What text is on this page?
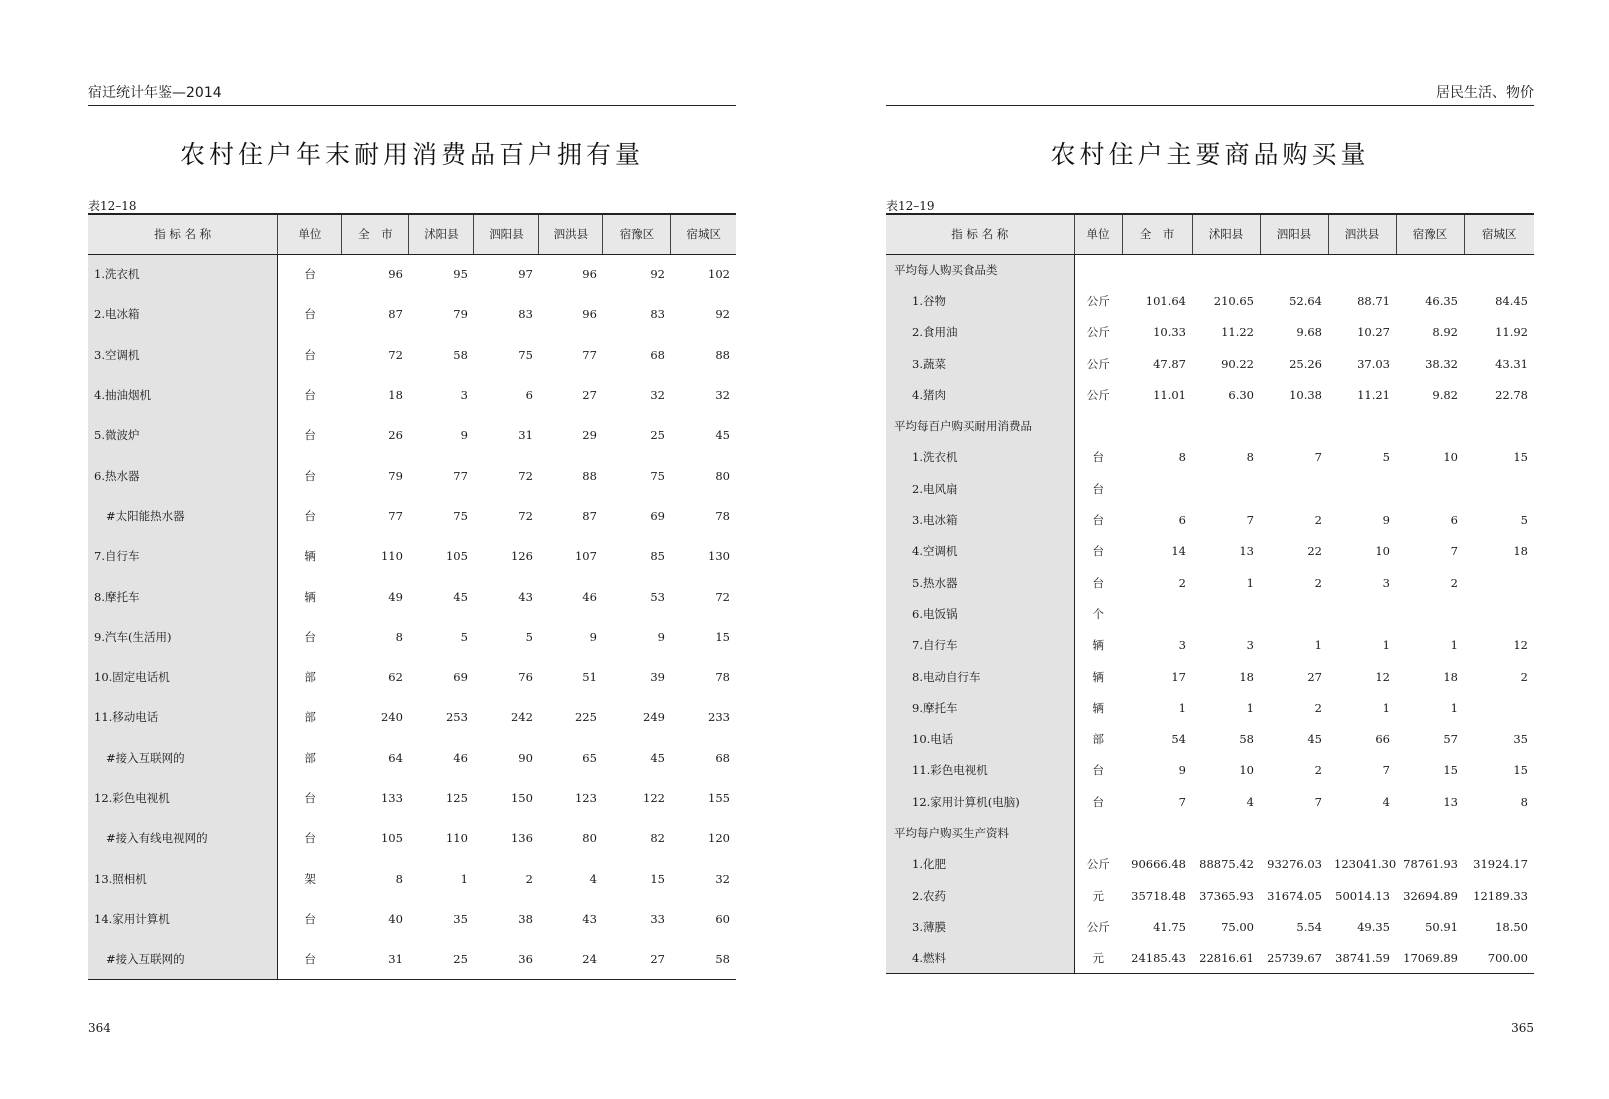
宿迁统计年鉴—2014
农村住户年末耐用消费品百户拥有量
表12–18
指 标 名 称	单位	全　市	沭阳县	泗阳县	泗洪县	宿豫区	宿城区
1.洗衣机	台	96	95	97	96	92	102
2.电冰箱	台	87	79	83	96	83	92
3.空调机	台	72	58	75	77	68	88
4.抽油烟机	台	18	3	6	27	32	32
5.微波炉	台	26	9	31	29	25	45
6.热水器	台	79	77	72	88	75	80
#太阳能热水器	台	77	75	72	87	69	78
7.自行车	辆	110	105	126	107	85	130
8.摩托车	辆	49	45	43	46	53	72
9.汽车(生活用)	台	8	5	5	9	9	15
10.固定电话机	部	62	69	76	51	39	78
11.移动电话	部	240	253	242	225	249	233
#接入互联网的	部	64	46	90	65	45	68
12.彩色电视机	台	133	125	150	123	122	155
#接入有线电视网的	台	105	110	136	80	82	120
13.照相机	架	8	1	2	4	15	32
14.家用计算机	台	40	35	38	43	33	60
#接入互联网的	台	31	25	36	24	27	58
364
居民生活、物价
农村住户主要商品购买量
表12–19
指 标 名 称	单位	全　市	沭阳县	泗阳县	泗洪县	宿豫区	宿城区
平均每人购买食品类							
1.谷物	公斤	101.64	210.65	52.64	88.71	46.35	84.45
2.食用油	公斤	10.33	11.22	9.68	10.27	8.92	11.92
3.蔬菜	公斤	47.87	90.22	25.26	37.03	38.32	43.31
4.猪肉	公斤	11.01	6.30	10.38	11.21	9.82	22.78
平均每百户购买耐用消费品							
1.洗衣机	台	8	8	7	5	10	15
2.电风扇	台						
3.电冰箱	台	6	7	2	9	6	5
4.空调机	台	14	13	22	10	7	18
5.热水器	台	2	1	2	3	2	
6.电饭锅	个						
7.自行车	辆	3	3	1	1	1	12
8.电动自行车	辆	17	18	27	12	18	2
9.摩托车	辆	1	1	2	1	1	
10.电话	部	54	58	45	66	57	35
11.彩色电视机	台	9	10	2	7	15	15
12.家用计算机(电脑)	台	7	4	7	4	13	8
平均每户购买生产资料							
1.化肥	公斤	90666.48	88875.42	93276.03	123041.30	78761.93	31924.17
2.农药	元	35718.48	37365.93	31674.05	50014.13	32694.89	12189.33
3.薄膜	公斤	41.75	75.00	5.54	49.35	50.91	18.50
4.燃料	元	24185.43	22816.61	25739.67	38741.59	17069.89	700.00
365
